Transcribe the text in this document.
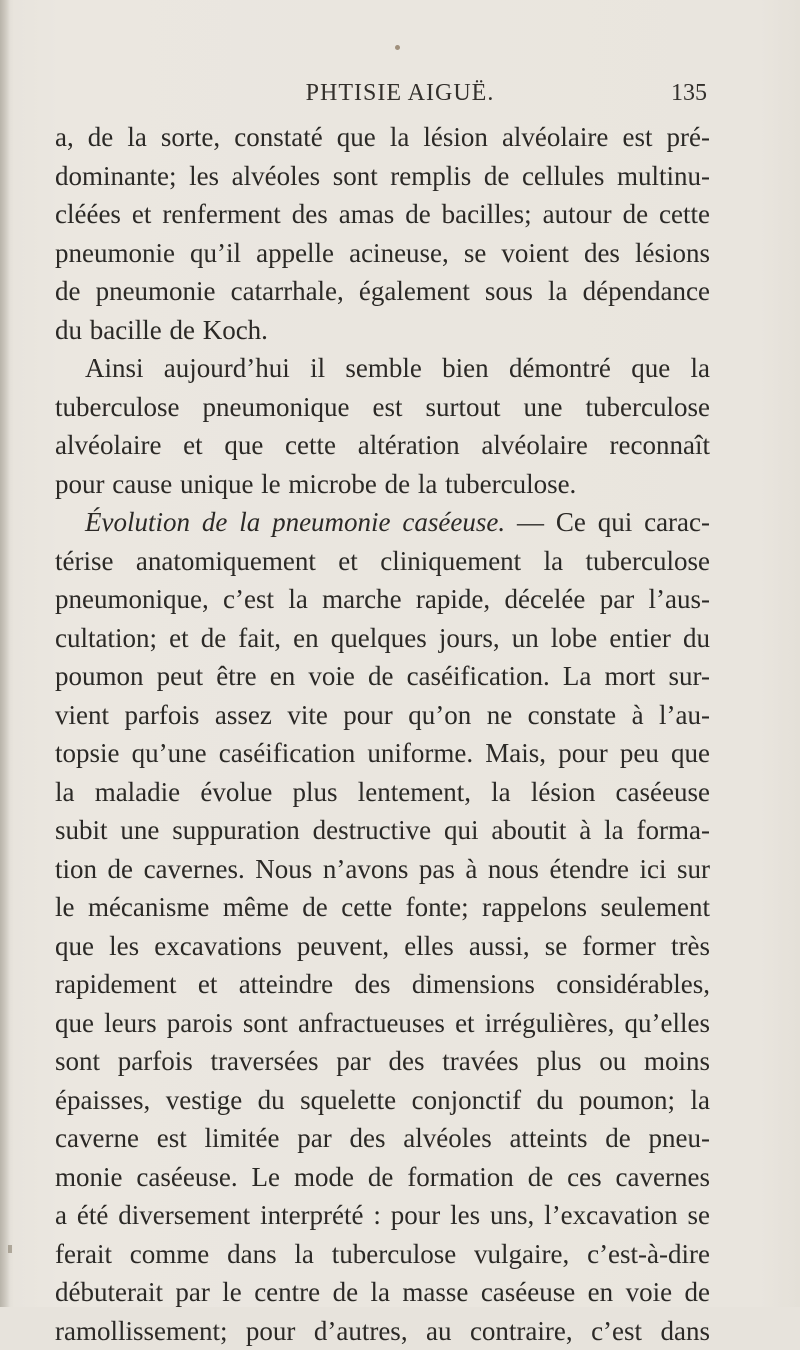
PHTISIE AIGUË.	135
a, de la sorte, constaté que la lésion alvéolaire est pré-
dominante; les alvéoles sont remplis de cellules multinu-
cléées et renferment des amas de bacilles; autour de cette
pneumonie qu’il appelle acineuse, se voient des lésions
de pneumonie catarrhale, également sous la dépendance
du bacille de Koch.
Ainsi aujourd’hui il semble bien démontré que la
tuberculose pneumonique est surtout une tuberculose
alvéolaire et que cette altération alvéolaire reconnaît
pour cause unique le microbe de la tuberculose.
Évolution de la pneumonie caséeuse. — Ce qui carac-
térise anatomiquement et cliniquement la tuberculose
pneumonique, c’est la marche rapide, décelée par l’aus-
cultation; et de fait, en quelques jours, un lobe entier du
poumon peut être en voie de caséification. La mort sur-
vient parfois assez vite pour qu’on ne constate à l’au-
topsie qu’une caséification uniforme. Mais, pour peu que
la maladie évolue plus lentement, la lésion caséeuse
subit une suppuration destructive qui aboutit à la forma-
tion de cavernes. Nous n’avons pas à nous étendre ici sur
le mécanisme même de cette fonte; rappelons seulement
que les excavations peuvent, elles aussi, se former très
rapidement et atteindre des dimensions considérables,
que leurs parois sont anfractueuses et irrégulières, qu’elles
sont parfois traversées par des travées plus ou moins
épaisses, vestige du squelette conjonctif du poumon; la
caverne est limitée par des alvéoles atteints de pneu-
monie caséeuse. Le mode de formation de ces cavernes
a été diversement interprété : pour les uns, l’excavation se
ferait comme dans la tuberculose vulgaire, c’est-à-dire
débuterait par le centre de la masse caséeuse en voie de
ramollissement; pour d’autres, au contraire, c’est dans
